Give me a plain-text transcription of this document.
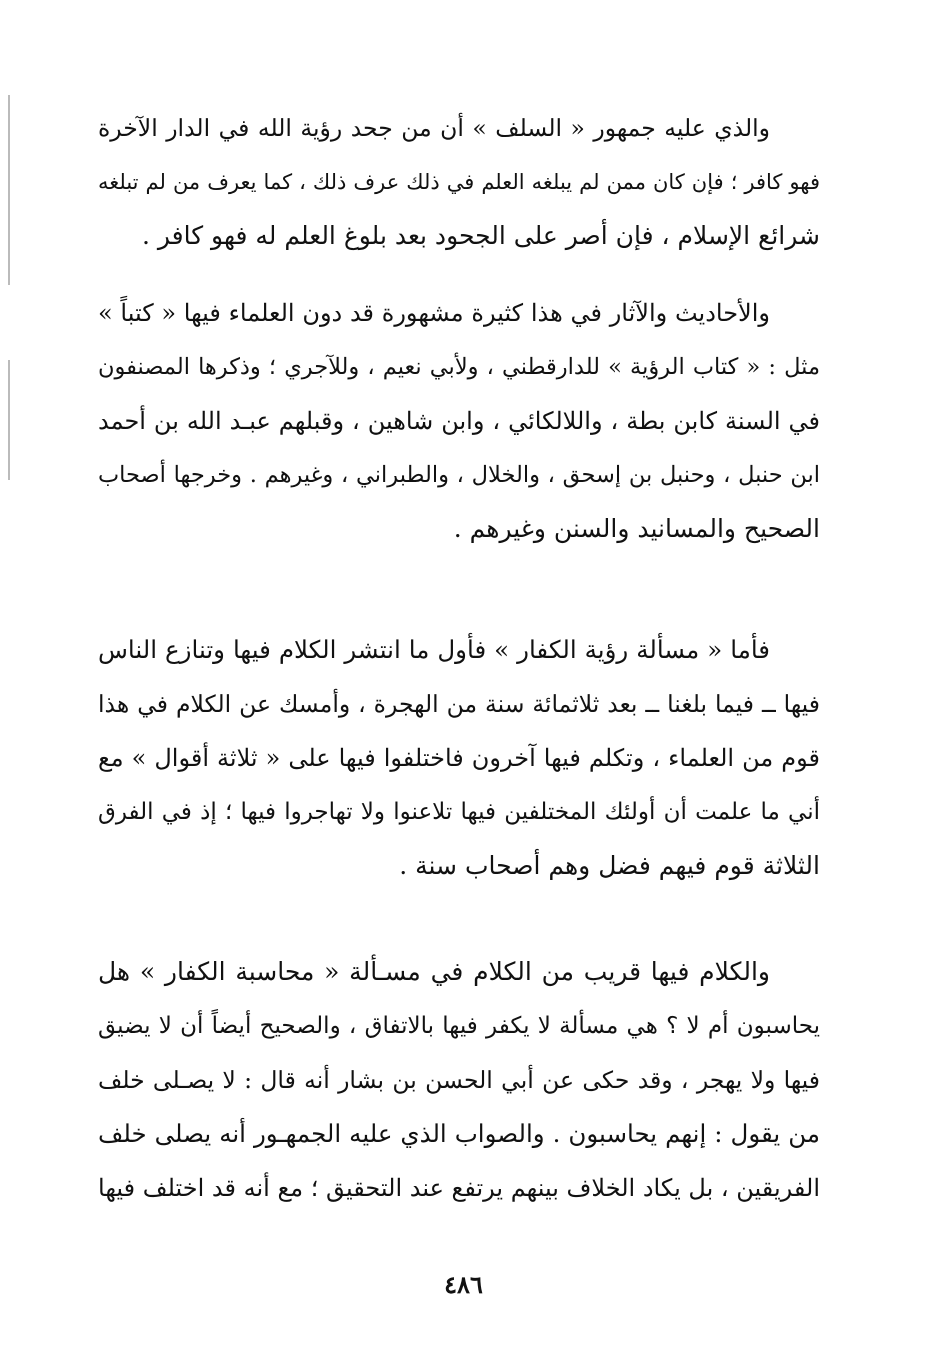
والذي عليه جمهور « السلف » أن من جحد رؤية الله في الدار الآخرة
فهو كافر ؛ فإن كان ممن لم يبلغه العلم في ذلك عرف ذلك ، كما يعرف من لم تبلغه
شرائع الإسلام ، فإن أصر على الجحود بعد بلوغ العلم له فهو كافر .
والأحاديث والآثار في هذا كثيرة مشهورة قد دون العلماء فيها « كتباً »
مثل : « كتاب الرؤية » للدارقطني ، ولأبي نعيم ، وللآجري ؛ وذكرها المصنفون
في السنة كابن بطة ، واللالكائي ، وابن شاهين ، وقبلهم عبـد الله بن أحمد
ابن حنبل ، وحنبل بن إسحق ، والخلال ، والطبراني ، وغيرهم . وخرجها أصحاب
الصحيح والمسانيد والسنن وغيرهم .
فأما « مسألة رؤية الكفار » فأول ما انتشر الكلام فيها وتنازع الناس
فيها ــ فيما بلغنا ــ بعد ثلاثمائة سنة من الهجرة ، وأمسك عن الكلام في هذا
قوم من العلماء ، وتكلم فيها آخرون فاختلفوا فيها على « ثلاثة أقوال » مع
أني ما علمت أن أولئك المختلفين فيها تلاعنوا ولا تهاجروا فيها ؛ إذ في الفرق
الثلاثة قوم فيهم فضل وهم أصحاب سنة .
والكلام فيها قريب من الكلام في مسـألة « محاسبة الكفار » هل
يحاسبون أم لا ؟ هي مسألة لا يكفر فيها بالاتفاق ، والصحيح أيضاً أن لا يضيق
فيها ولا يهجر ، وقد حكى عن أبي الحسن بن بشار أنه قال : لا يصـلى خلف
من يقول : إنهم يحاسبون . والصواب الذي عليه الجمهـور أنه يصلى خلف
الفريقين ، بل يكاد الخلاف بينهم يرتفع عند التحقيق ؛ مع أنه قد اختلف فيها
٤٨٦
